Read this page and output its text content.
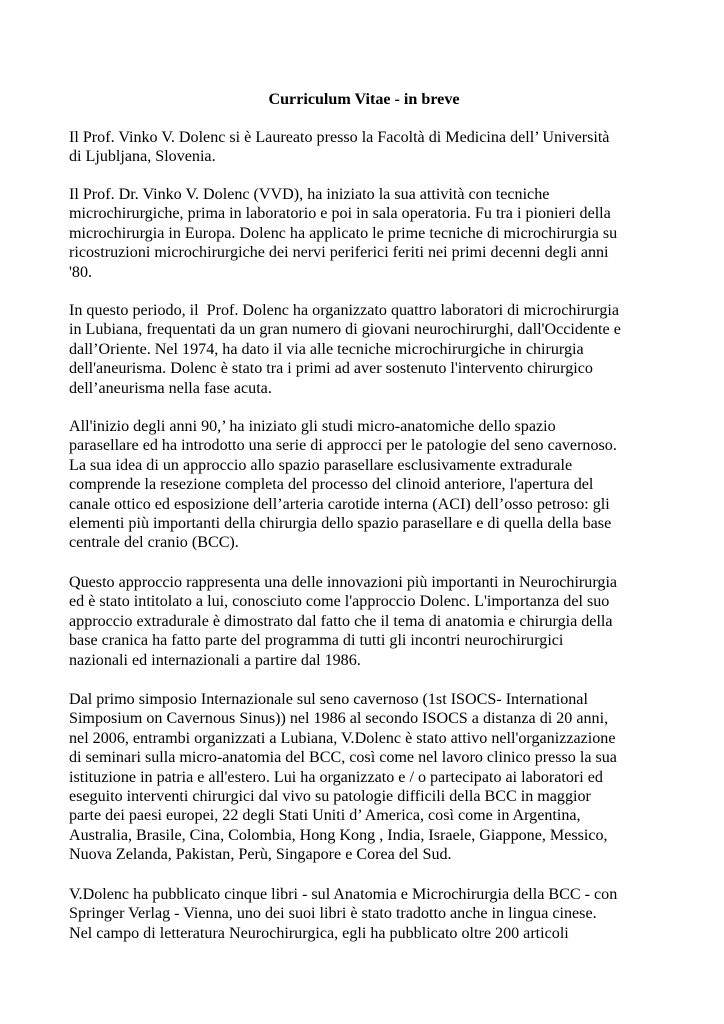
Curriculum Vitae - in breve

Il Prof. Vinko V. Dolenc si è Laureato presso la Facoltà di Medicina dell’ Università
di Ljubljana, Slovenia.

Il Prof. Dr. Vinko V. Dolenc (VVD), ha iniziato la sua attività con tecniche
microchirurgiche, prima in laboratorio e poi in sala operatoria. Fu tra i pionieri della
microchirurgia in Europa. Dolenc ha applicato le prime tecniche di microchirurgia su
ricostruzioni microchirurgiche dei nervi periferici feriti nei primi decenni degli anni
'80.

In questo periodo, il  Prof. Dolenc ha organizzato quattro laboratori di microchirurgia
in Lubiana, frequentati da un gran numero di giovani neurochirurghi, dall'Occidente e
dall’Oriente. Nel 1974, ha dato il via alle tecniche microchirurgiche in chirurgia
dell'aneurisma. Dolenc è stato tra i primi ad aver sostenuto l'intervento chirurgico
dell’aneurisma nella fase acuta.

All'inizio degli anni 90,’ ha iniziato gli studi micro-anatomiche dello spazio
parasellare ed ha introdotto una serie di approcci per le patologie del seno cavernoso.
La sua idea di un approccio allo spazio parasellare esclusivamente extradurale
comprende la resezione completa del processo del clinoid anteriore, l'apertura del
canale ottico ed esposizione dell’arteria carotide interna (ACI) dell’osso petroso: gli
elementi più importanti della chirurgia dello spazio parasellare e di quella della base
centrale del cranio (BCC).

Questo approccio rappresenta una delle innovazioni più importanti in Neurochirurgia
ed è stato intitolato a lui, conosciuto come l'approccio Dolenc. L'importanza del suo
approccio extradurale è dimostrato dal fatto che il tema di anatomia e chirurgia della
base cranica ha fatto parte del programma di tutti gli incontri neurochirurgici
nazionali ed internazionali a partire dal 1986.

Dal primo simposio Internazionale sul seno cavernoso (1st ISOCS- International
Simposium on Cavernous Sinus)) nel 1986 al secondo ISOCS a distanza di 20 anni,
nel 2006, entrambi organizzati a Lubiana, V.Dolenc è stato attivo nell'organizzazione
di seminari sulla micro-anatomia del BCC, così come nel lavoro clinico presso la sua
istituzione in patria e all'estero. Lui ha organizzato e / o partecipato ai laboratori ed
eseguito interventi chirurgici dal vivo su patologie difficili della BCC in maggior
parte dei paesi europei, 22 degli Stati Uniti d’ America, così come in Argentina,
Australia, Brasile, Cina, Colombia, Hong Kong , India, Israele, Giappone, Messico,
Nuova Zelanda, Pakistan, Perù, Singapore e Corea del Sud.

V.Dolenc ha pubblicato cinque libri - sul Anatomia e Microchirurgia della BCC - con
Springer Verlag - Vienna, uno dei suoi libri è stato tradotto anche in lingua cinese.
Nel campo di letteratura Neurochirurgica, egli ha pubblicato oltre 200 articoli
